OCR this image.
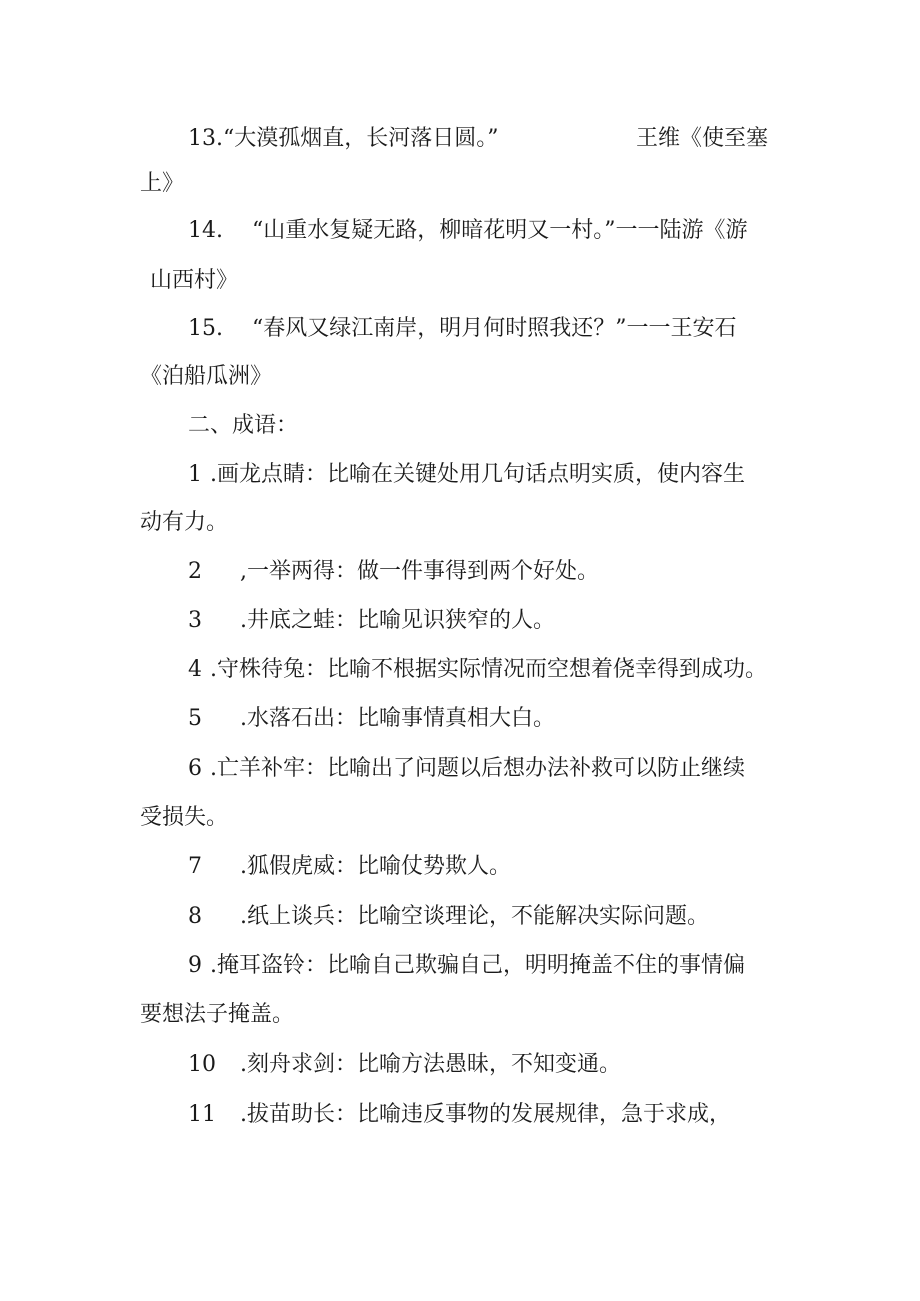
13.“大漠孤烟直，长河落日圆。”	王维《使至塞
上》
14. “山重水复疑无路，柳暗花明又一村。”一一陆游《游
山西村》
15. “春风又绿江南岸，明月何时照我还？”一一王安石
《泊船瓜洲》
二、成语：
1 .画龙点睛：比喻在关键处用几句话点明实质，使内容生
动有力。
2 ,一举两得：做一件事得到两个好处。
3 .井底之蛙：比喻见识狭窄的人。
4 .守株待兔：比喻不根据实际情况而空想着侥幸得到成功。
5 .水落石出：比喻事情真相大白。
6 .亡羊补牢：比喻出了问题以后想办法补救可以防止继续
受损失。
7 .狐假虎威：比喻仗势欺人。
8 .纸上谈兵：比喻空谈理论，不能解决实际问题。
9 .掩耳盗铃：比喻自己欺骗自己，明明掩盖不住的事情偏
要想法子掩盖。
10 .刻舟求剑：比喻方法愚昧，不知变通。
11 .拔苗助长：比喻违反事物的发展规律，急于求成，
